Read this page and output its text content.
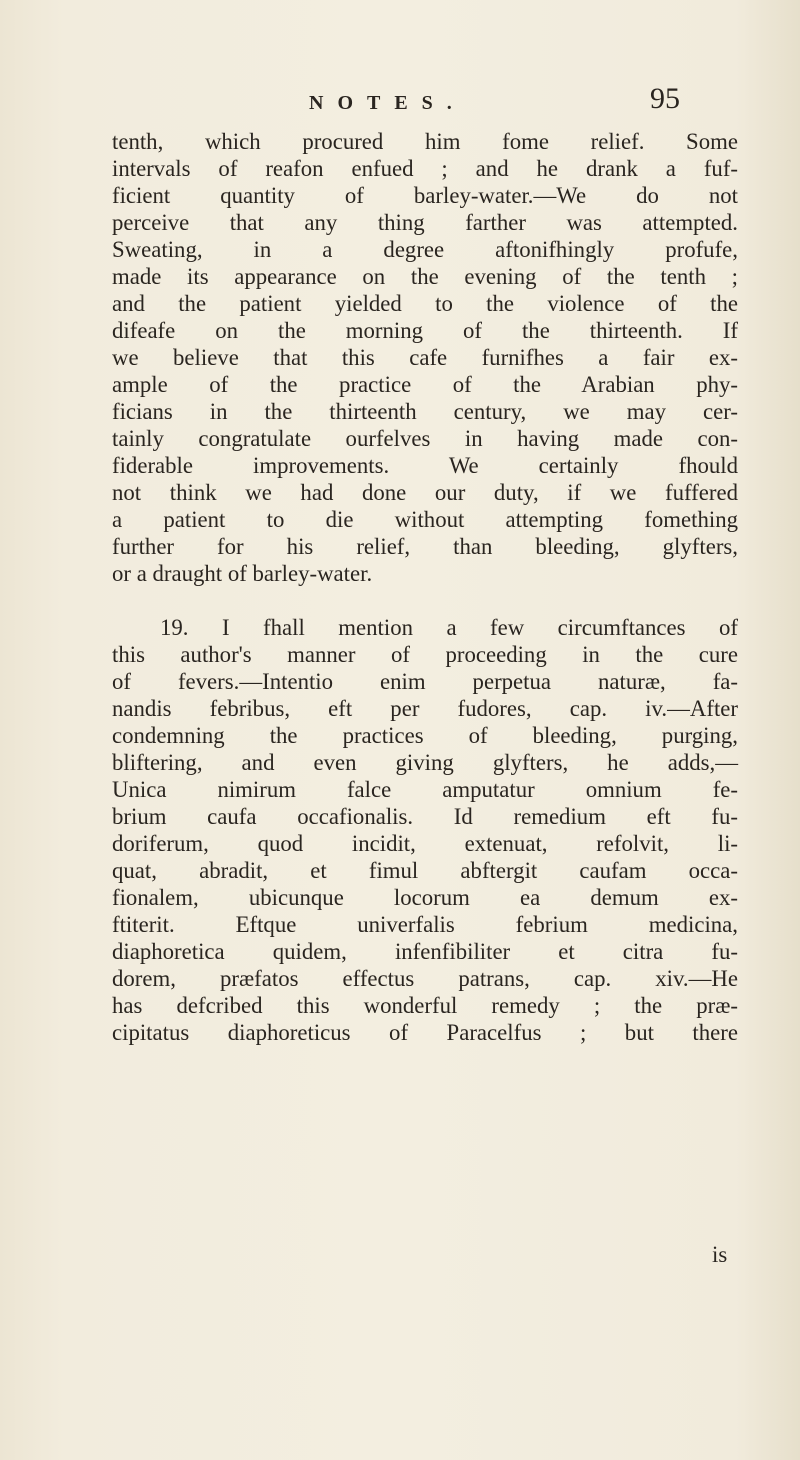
NOTES.	95
tenth, which procured him fome relief. Some
intervals of reafon enfued ; and he drank a fuf-
ficient quantity of barley-water.—We do not
perceive that any thing farther was attempted.
Sweating, in a degree aftonifhingly profufe,
made its appearance on the evening of the tenth ;
and the patient yielded to the violence of the
difeafe on the morning of the thirteenth. If
we believe that this cafe furnifhes a fair ex-
ample of the practice of the Arabian phy-
ficians in the thirteenth century, we may cer-
tainly congratulate ourfelves in having made con-
fiderable improvements. We certainly fhould
not think we had done our duty, if we fuffered
a patient to die without attempting fomething
further for his relief, than bleeding, glyfters,
or a draught of barley-water.
19. I fhall mention a few circumftances of
this author's manner of proceeding in the cure
of fevers.—Intentio enim perpetua naturæ, fa-
nandis febribus, eft per fudores, cap. iv.—After
condemning the practices of bleeding, purging,
bliftering, and even giving glyfters, he adds,—
Unica nimirum falce amputatur omnium fe-
brium caufa occafionalis. Id remedium eft fu-
doriferum, quod incidit, extenuat, refolvit, li-
quat, abradit, et fimul abftergit caufam occa-
fionalem, ubicunque locorum ea demum ex-
ftiterit. Eftque univerfalis febrium medicina,
diaphoretica quidem, infenfibiliter et citra fu-
dorem, præfatos effectus patrans, cap. xiv.—He
has defcribed this wonderful remedy ; the præ-
cipitatus diaphoreticus of Paracelfus ; but there
is
